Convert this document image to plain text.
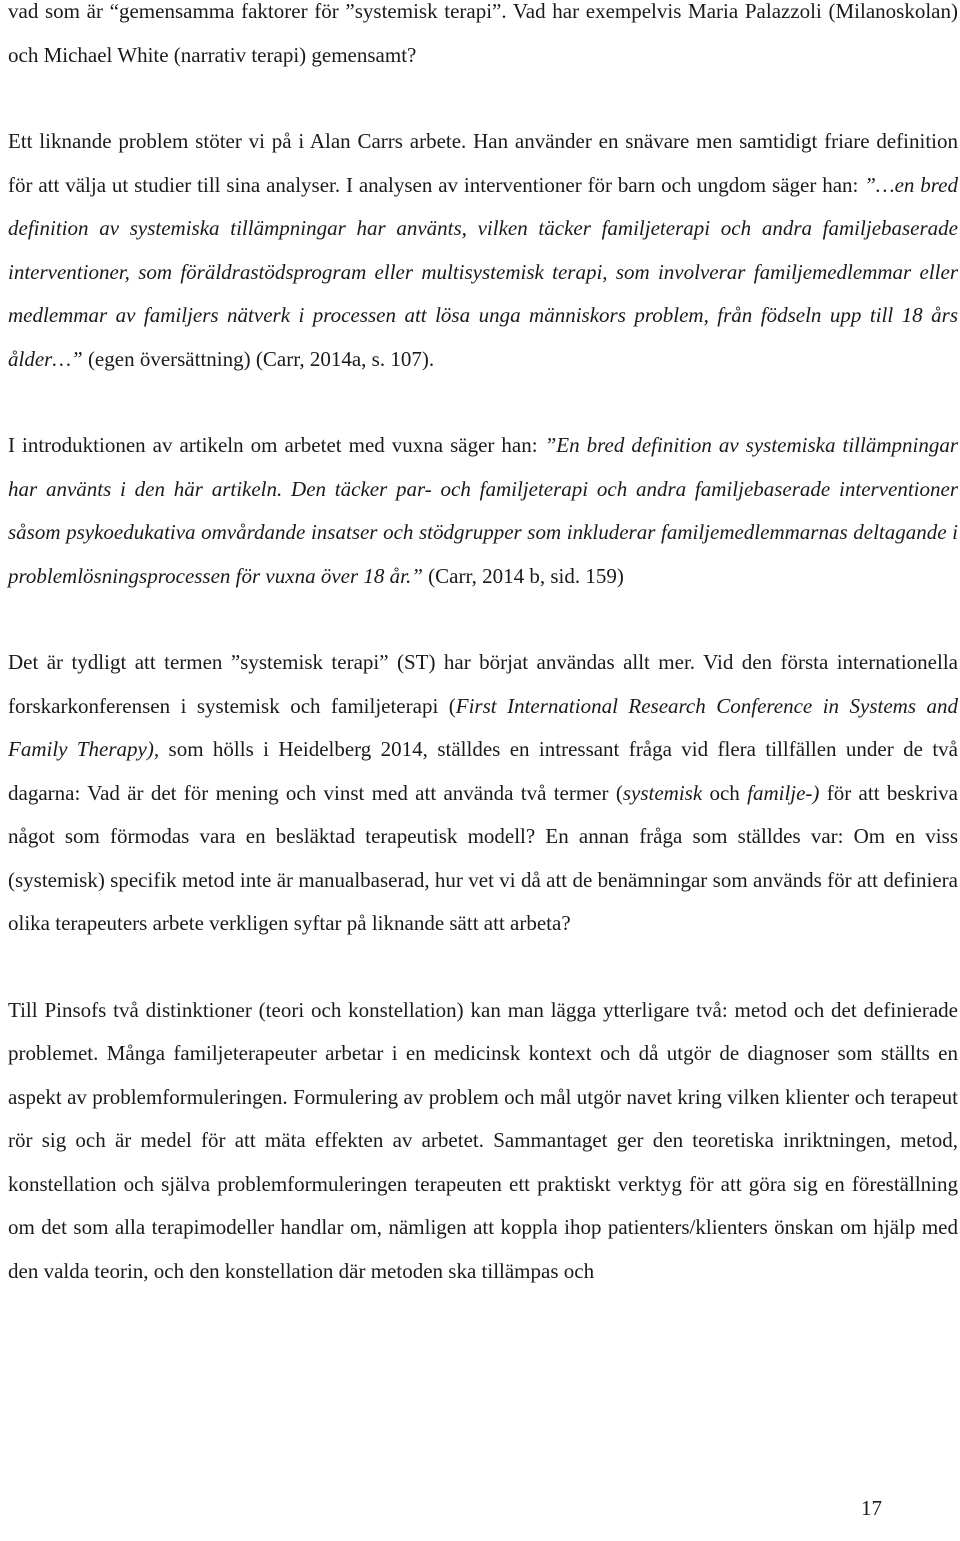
vad som är “gemensamma faktorer för ”systemisk terapi”. Vad har exempelvis Maria Palazzoli (Milanoskolan) och Michael White (narrativ terapi) gemensamt?

Ett liknande problem stöter vi på i Alan Carrs arbete. Han använder en snävare men samtidigt friare definition för att välja ut studier till sina analyser. I analysen av interventioner för barn och ungdom säger han: ”…en bred definition av systemiska tillämpningar har använts, vilken täcker familjeterapi och andra familjebaserade interventioner, som föräldrastödsprogram eller multisystemisk terapi, som involverar familjemedlemmar eller medlemmar av familjers nätverk i processen att lösa unga människors problem, från födseln upp till 18 års ålder…” (egen översättning) (Carr, 2014a, s. 107).

I introduktionen av artikeln om arbetet med vuxna säger han: ”En bred definition av systemiska tillämpningar har använts i den här artikeln. Den täcker par- och familjeterapi och andra familjebaserade interventioner såsom psykoedukativa omvårdande insatser och stödgrupper som inkluderar familjemedlemmarnas deltagande i problemlösningsprocessen för vuxna över 18 år.” (Carr, 2014 b, sid. 159)

Det är tydligt att termen ”systemisk terapi” (ST) har börjat användas allt mer. Vid den första internationella forskarkonferensen i systemisk och familjeterapi (First International Research Conference in Systems and Family Therapy), som hölls i Heidelberg 2014, ställdes en intressant fråga vid flera tillfällen under de två dagarna: Vad är det för mening och vinst med att använda två termer (systemisk och familje-) för att beskriva något som förmodas vara en besläktad terapeutisk modell? En annan fråga som ställdes var: Om en viss (systemisk) specifik metod inte är manualbaserad, hur vet vi då att de benämningar som används för att definiera olika terapeuters arbete verkligen syftar på liknande sätt att arbeta?

Till Pinsofs två distinktioner (teori och konstellation) kan man lägga ytterligare två: metod och det definierade problemet. Många familjeterapeuter arbetar i en medicinsk kontext och då utgör de diagnoser som ställts en aspekt av problemformuleringen. Formulering av problem och mål utgör navet kring vilken klienter och terapeut rör sig och är medel för att mäta effekten av arbetet. Sammantaget ger den teoretiska inriktningen, metod, konstellation och själva problemformuleringen terapeuten ett praktiskt verktyg för att göra sig en föreställning om det som alla terapimodeller handlar om, nämligen att koppla ihop patienters/klienters önskan om hjälp med den valda teorin, och den konstellation där metoden ska tillämpas och

17
